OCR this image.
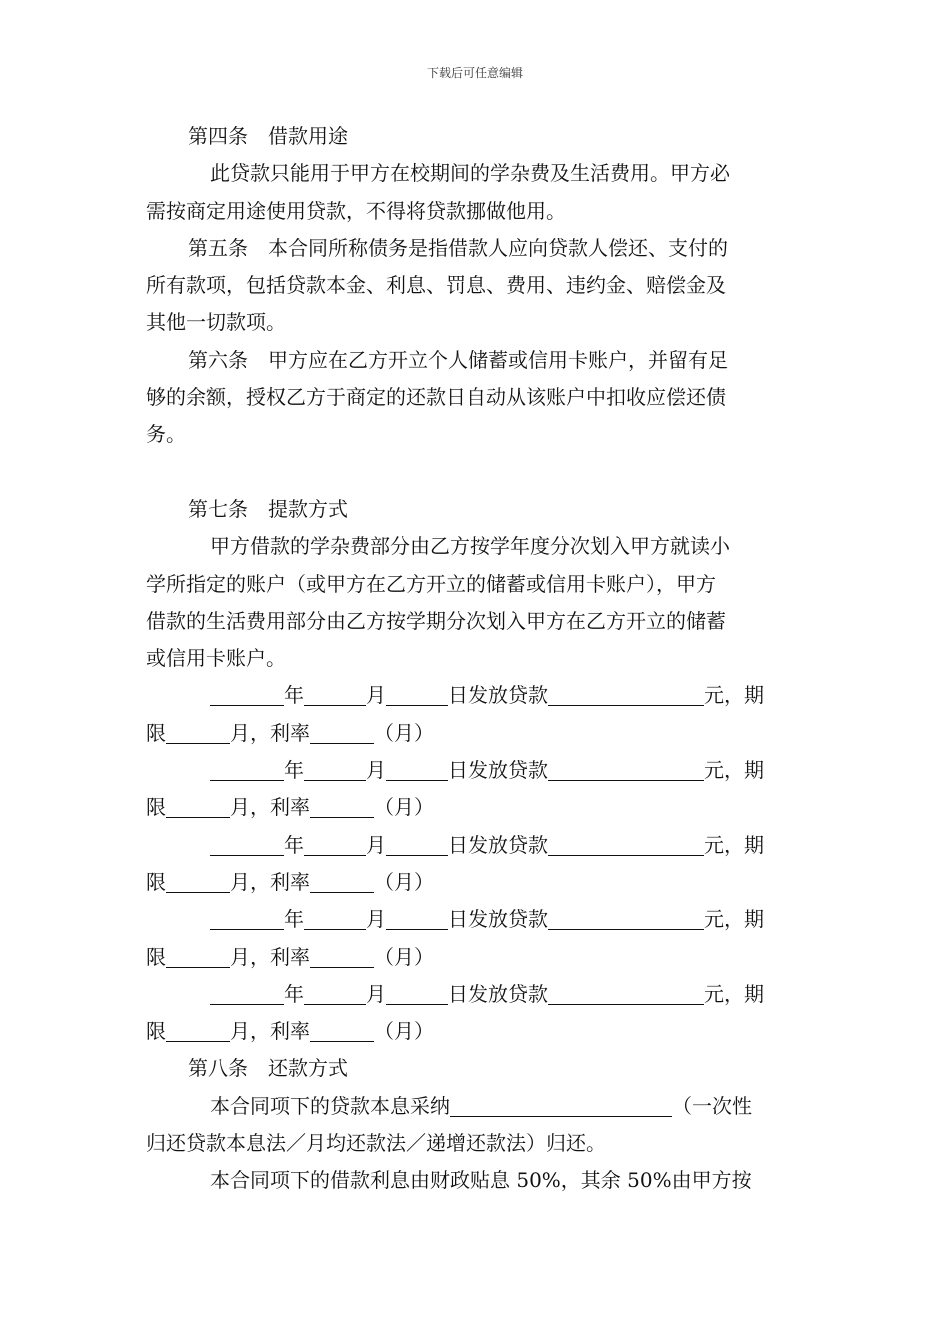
下载后可任意编辑
第四条　借款用途
此贷款只能用于甲方在校期间的学杂费及生活费用。甲方必
需按商定用途使用贷款，不得将贷款挪做他用。
第五条　本合同所称债务是指借款人应向贷款人偿还、支付的
所有款项，包括贷款本金、利息、罚息、费用、违约金、赔偿金及
其他一切款项。
第六条　甲方应在乙方开立个人储蓄或信用卡账户，并留有足
够的余额，授权乙方于商定的还款日自动从该账户中扣收应偿还债
务。
第七条　提款方式
甲方借款的学杂费部分由乙方按学年度分次划入甲方就读小
学所指定的账户（或甲方在乙方开立的储蓄或信用卡账户），甲方
借款的生活费用部分由乙方按学期分次划入甲方在乙方开立的储蓄
或信用卡账户。
年	月	日发放贷款	元，期
限	月，利率	（月）
年	月	日发放贷款	元，期
限	月，利率	（月）
年	月	日发放贷款	元，期
限	月，利率	（月）
年	月	日发放贷款	元，期
限	月，利率	（月）
年	月	日发放贷款	元，期
限	月，利率	（月）
第八条　还款方式
本合同项下的贷款本息采纳	（一次性
归还贷款本息法／月均还款法／递增还款法）归还。
本合同项下的借款利息由财政贴息 50%，其余 50%由甲方按
